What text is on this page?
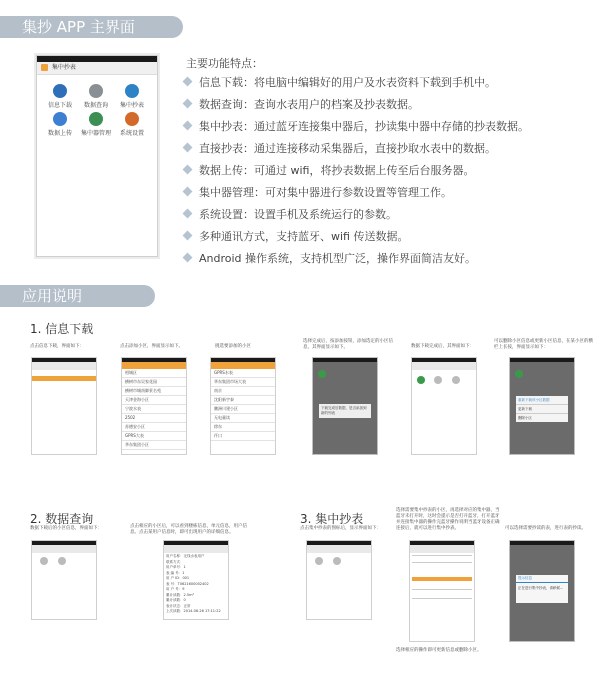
集抄 APP 主界面
集中抄表
信息下载	数据查询	集中抄表
数据上传	集中器管理	系统设置
主要功能特点：
信息下载：将电脑中编辑好的用户及水表资料下载到手机中。
数据查询：查询水表用户的档案及抄表数据。
集中抄表：通过蓝牙连接集中器后，抄读集中器中存储的抄表数据。
直接抄表：通过连接移动采集器后，直接抄取水表中的数据。
数据上传：可通过 wifi，将抄表数据上传至后台服务器。
集中器管理：可对集中器进行参数设置等管理工作。
系统设置：设置手机及系统运行的参数。
多种通讯方式，支持蓝牙、wifi 传送数据。
Android 操作系统，支持机型广泛，操作界面简洁友好。
应用说明
1. 信息下载
点击信息下载，界面如下：	点击添加小区，界面显示如下。	挑选要添加的小区
选择完成后，按添加按钮，添加选定的小区信息，其界面显示如下。	数据下载完成后，其界面如下：
可以删除小区信息或更新小区信息，在某小区的横栏上长按，界面显示如下：
相城区
横树市东吴家花园
横树市城南御景名苑
天津金海小区
宁波水表
2502
苏德安小区
GPRS大表
华东集团小区
GPRS水表
华东集团市场大表
南京
沈阳新宇泰
鹏洲川建小区
无电量读
徐东
仟口
下载完成后数据，是否添加到新的列表
重新下载该小区数据
更新下载
删除小区
2. 数据查询
数据下载后的小区信息，界面如下：	点击相应的小区后，可以看到楼栋信息，单元信息，用户信息。点击某用户信息时，即可出现用户的详细信息。
用户名称：无线水表用户
联系方式：
用户单号：1
表 编 号：1
用 户 ID：001
表 号：T0621600002402
用 户 号：9
累计读数：2.5m³
累计读数：0
表计状态：正常
上次读数：2014-06-26 17:11:22
3. 集中抄表
点击集中抄表的图标后，显示界面如下：
选择需要集中抄表的小区，再选择对应的集中器，当蓝牙未打开时，这时会提示是否打开蓝牙，打开蓝牙并连接集中器的操作完蓝牙操作说明当蓝牙设备正确连接后，就可以进行集中抄表。	可以选择需要抄读的表，进行表的抄读。
选择相应的操作即可更新信息或删除小区。
提示信息
正在进行集中抄表，请稍候...
